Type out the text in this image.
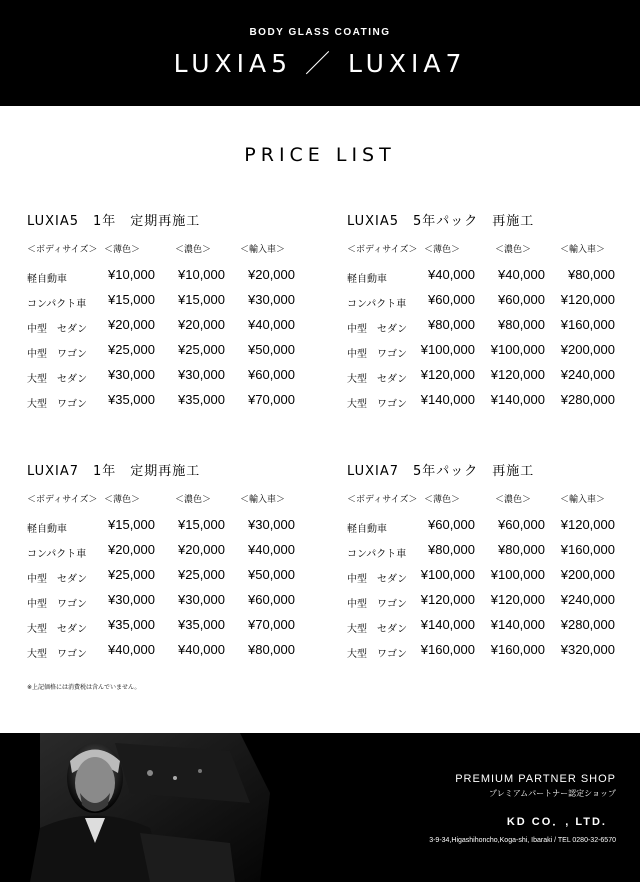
BODY GLASS COATING
LUXIA5 ／ LUXIA7
PRICE LIST
LUXIA5　1年　定期再施工
＜ボディサイズ＞ ＜薄色＞	＜濃色＞	＜輸入車＞
軽自動車	¥10,000 ¥10,000 ¥20,000
コンパクト車 ¥15,000 ¥15,000 ¥30,000
中型　セダン ¥20,000 ¥20,000 ¥40,000
中型　ワゴン ¥25,000 ¥25,000 ¥50,000
大型　セダン ¥30,000 ¥30,000 ¥60,000
大型　ワゴン ¥35,000 ¥35,000 ¥70,000
LUXIA5　5年パック　再施工
＜ボディサイズ＞ ＜薄色＞	＜濃色＞	＜輸入車＞
軽自動車	¥40,000 ¥40,000 ¥80,000
コンパクト車 ¥60,000 ¥60,000 ¥120,000
中型　セダン ¥80,000 ¥80,000 ¥160,000
中型　ワゴン ¥100,000 ¥100,000 ¥200,000
大型　セダン ¥120,000 ¥120,000 ¥240,000
大型　ワゴン ¥140,000 ¥140,000 ¥280,000
LUXIA7　1年　定期再施工
＜ボディサイズ＞ ＜薄色＞	＜濃色＞	＜輸入車＞
軽自動車	¥15,000 ¥15,000 ¥30,000
コンパクト車 ¥20,000 ¥20,000 ¥40,000
中型　セダン ¥25,000 ¥25,000 ¥50,000
中型　ワゴン ¥30,000 ¥30,000 ¥60,000
大型　セダン ¥35,000 ¥35,000 ¥70,000
大型　ワゴン ¥40,000 ¥40,000 ¥80,000
LUXIA7　5年パック　再施工
＜ボディサイズ＞ ＜薄色＞	＜濃色＞	＜輸入車＞
軽自動車	¥60,000 ¥60,000 ¥120,000
コンパクト車 ¥80,000 ¥80,000 ¥160,000
中型　セダン ¥100,000 ¥100,000 ¥200,000
中型　ワゴン ¥120,000 ¥120,000 ¥240,000
大型　セダン ¥140,000 ¥140,000 ¥280,000
大型　ワゴン ¥160,000 ¥160,000 ¥320,000
※上記価格には消費税は含んでいません。
PREMIUM PARTNER SHOP
プレミアムパートナー認定ショップ
KD CO．, LTD.
3-9-34,Higashihoncho,Koga-shi, Ibaraki / TEL 0280-32-6570
